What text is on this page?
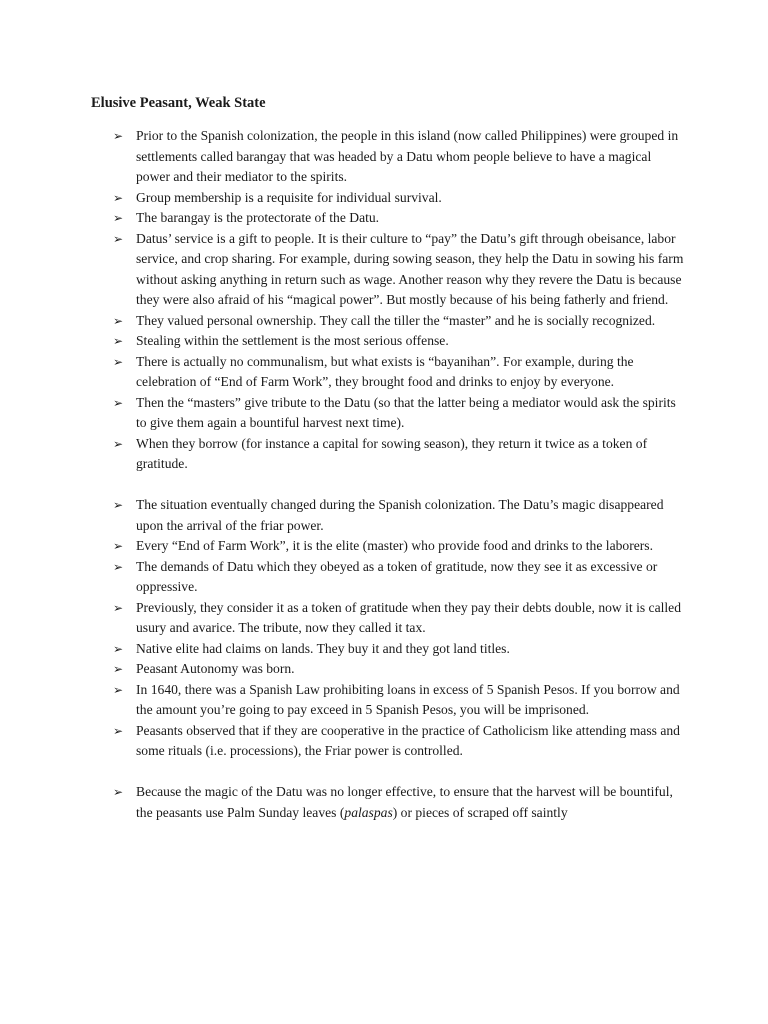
Elusive Peasant, Weak State
➢ Prior to the Spanish colonization, the people in this island (now called Philippines) were grouped in settlements called barangay that was headed by a Datu whom people believe to have a magical power and their mediator to the spirits.
➢ Group membership is a requisite for individual survival.
➢ The barangay is the protectorate of the Datu.
➢ Datus’ service is a gift to people. It is their culture to “pay” the Datu’s gift through obeisance, labor service, and crop sharing. For example, during sowing season, they help the Datu in sowing his farm without asking anything in return such as wage. Another reason why they revere the Datu is because they were also afraid of his “magical power”. But mostly because of his being fatherly and friend.
➢ They valued personal ownership. They call the tiller the “master” and he is socially recognized.
➢ Stealing within the settlement is the most serious offense.
➢ There is actually no communalism, but what exists is “bayanihan”. For example, during the celebration of “End of Farm Work”, they brought food and drinks to enjoy by everyone.
➢ Then the “masters” give tribute to the Datu (so that the latter being a mediator would ask the spirits to give them again a bountiful harvest next time).
➢ When they borrow (for instance a capital for sowing season), they return it twice as a token of gratitude.
➢ The situation eventually changed during the Spanish colonization. The Datu’s magic disappeared upon the arrival of the friar power.
➢ Every “End of Farm Work”, it is the elite (master) who provide food and drinks to the laborers.
➢ The demands of Datu which they obeyed as a token of gratitude, now they see it as excessive or oppressive.
➢ Previously, they consider it as a token of gratitude when they pay their debts double, now it is called usury and avarice. The tribute, now they called it tax.
➢ Native elite had claims on lands. They buy it and they got land titles.
➢ Peasant Autonomy was born.
➢ In 1640, there was a Spanish Law prohibiting loans in excess of 5 Spanish Pesos. If you borrow and the amount you’re going to pay exceed in 5 Spanish Pesos, you will be imprisoned.
➢ Peasants observed that if they are cooperative in the practice of Catholicism like attending mass and some rituals (i.e. processions), the Friar power is controlled.
➢ Because the magic of the Datu was no longer effective, to ensure that the harvest will be bountiful, the peasants use Palm Sunday leaves (palaspas) or pieces of scraped off saintly
